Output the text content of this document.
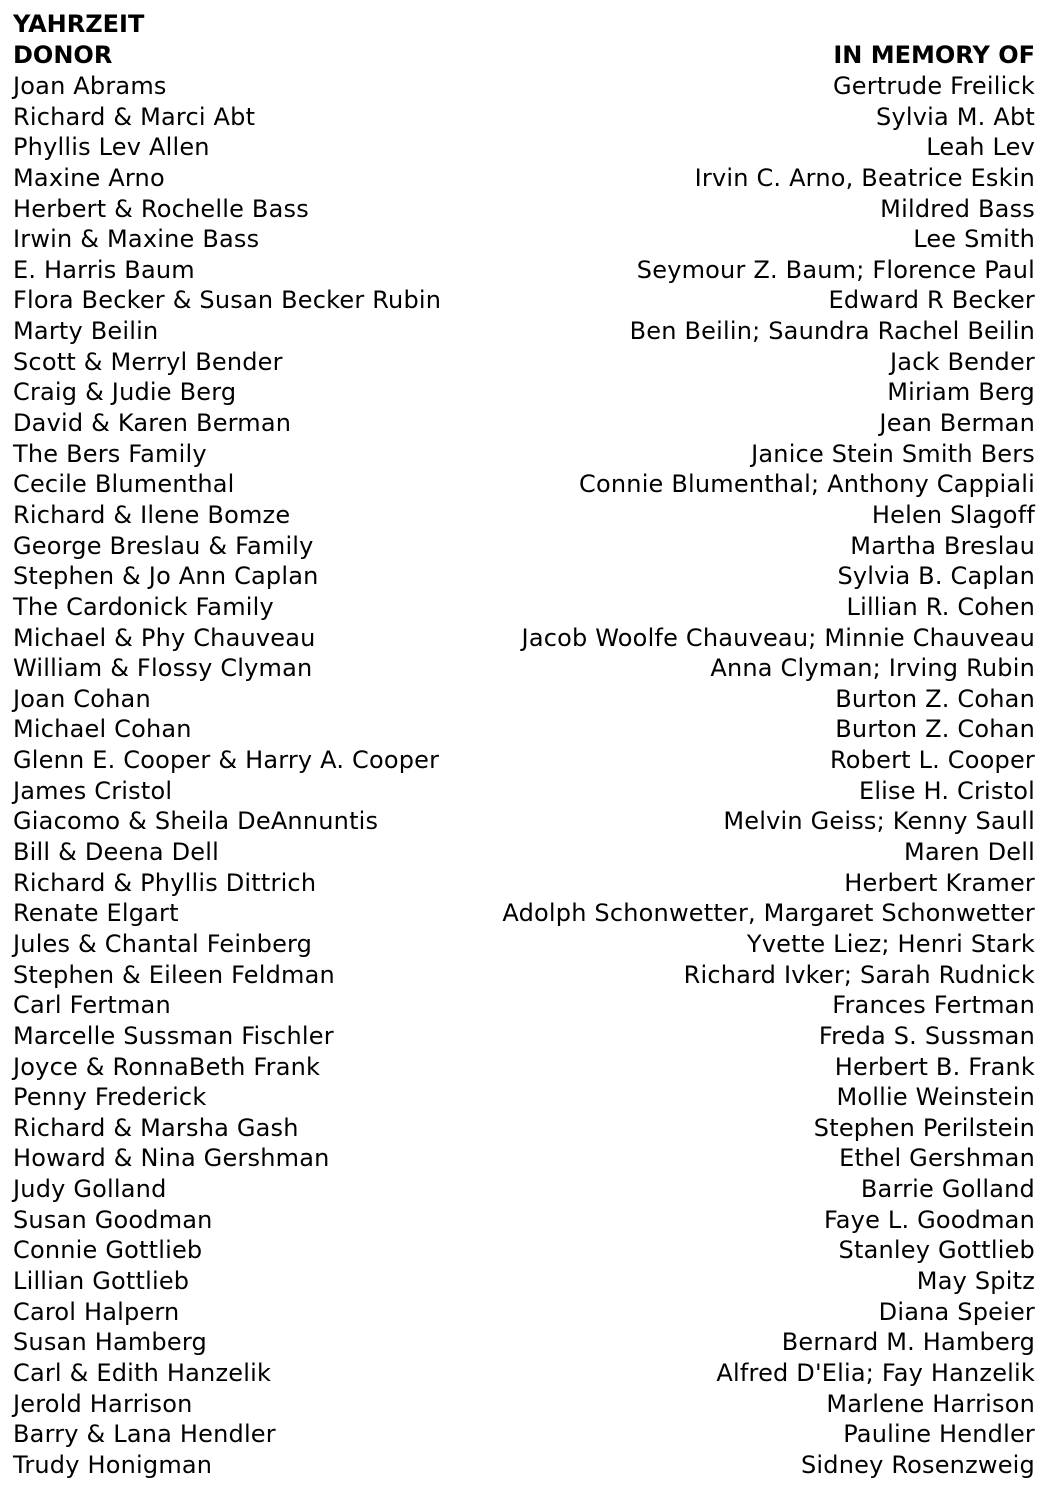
YAHRZEIT
DONOR	IN MEMORY OF
Joan Abrams	Gertrude Freilick
Richard & Marci Abt	Sylvia M. Abt
Phyllis Lev Allen	Leah Lev
Maxine Arno	Irvin C. Arno, Beatrice Eskin
Herbert & Rochelle Bass	Mildred Bass
Irwin & Maxine Bass	Lee Smith
E. Harris Baum	Seymour Z. Baum; Florence Paul
Flora Becker & Susan Becker Rubin	Edward R Becker
Marty Beilin	Ben Beilin; Saundra Rachel Beilin
Scott & Merryl Bender	Jack Bender
Craig & Judie Berg	Miriam Berg
David & Karen Berman	Jean Berman
The Bers Family	Janice Stein Smith Bers
Cecile Blumenthal	Connie Blumenthal; Anthony Cappiali
Richard & Ilene Bomze	Helen Slagoff
George Breslau & Family	Martha Breslau
Stephen & Jo Ann Caplan	Sylvia B. Caplan
The Cardonick Family	Lillian R. Cohen
Michael & Phy Chauveau	Jacob Woolfe Chauveau; Minnie Chauveau
William & Flossy Clyman	Anna Clyman; Irving Rubin
Joan Cohan	Burton Z. Cohan
Michael Cohan	Burton Z. Cohan
Glenn E. Cooper & Harry A. Cooper	Robert L. Cooper
James Cristol	Elise H. Cristol
Giacomo & Sheila DeAnnuntis	Melvin Geiss; Kenny Saull
Bill & Deena Dell	Maren Dell
Richard & Phyllis Dittrich	Herbert Kramer
Renate Elgart	Adolph Schonwetter, Margaret Schonwetter
Jules & Chantal Feinberg	Yvette Liez; Henri Stark
Stephen & Eileen Feldman	Richard Ivker; Sarah Rudnick
Carl Fertman	Frances Fertman
Marcelle Sussman Fischler	Freda S. Sussman
Joyce & RonnaBeth Frank	Herbert B. Frank
Penny Frederick	Mollie Weinstein
Richard & Marsha Gash	Stephen Perilstein
Howard & Nina Gershman	Ethel Gershman
Judy Golland	Barrie Golland
Susan Goodman	Faye L. Goodman
Connie Gottlieb	Stanley Gottlieb
Lillian Gottlieb	May Spitz
Carol Halpern	Diana Speier
Susan Hamberg	Bernard M. Hamberg
Carl & Edith Hanzelik	Alfred D'Elia; Fay Hanzelik
Jerold Harrison	Marlene Harrison
Barry & Lana Hendler	Pauline Hendler
Trudy Honigman	Sidney Rosenzweig
